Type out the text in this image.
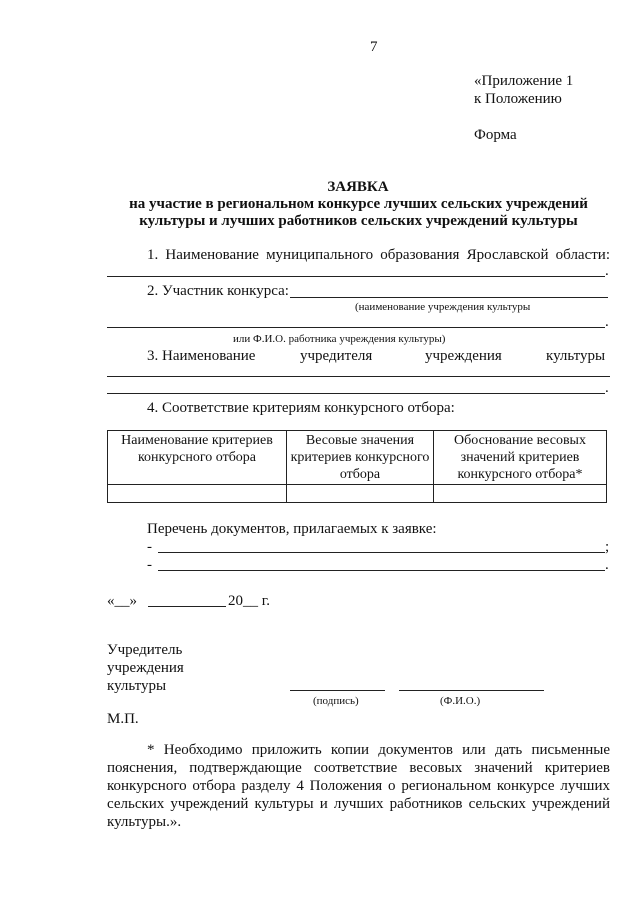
7
«Приложение 1
к Положению
Форма
ЗАЯВКА
на участие в региональном конкурсе лучших сельских учреждений
культуры и лучших работников сельских учреждений культуры
1. Наименование муниципального образования Ярославской области:
.
2. Участник конкурса:
(наименование учреждения культуры
.
или Ф.И.О. работника учреждения культуры)
3. Наименование	учредителя	учреждения	культуры
.
4. Соответствие критериям конкурсного отбора:
Наименование критериев конкурсного отбора	Весовые значения критериев конкурсного отбора	Обоснование весовых значений критериев конкурсного отбора*

Перечень документов, прилагаемых к заявке:
-	;
-	.
«__»	20__ г.
Учредитель
учреждения
культуры
(подпись)	(Ф.И.О.)
М.П.
* Необходимо приложить копии документов или дать письменные пояснения, подтверждающие соответствие весовых значений критериев конкурсного отбора разделу 4 Положения о региональном конкурсе лучших сельских учреждений культуры и лучших работников сельских учреждений культуры.».
